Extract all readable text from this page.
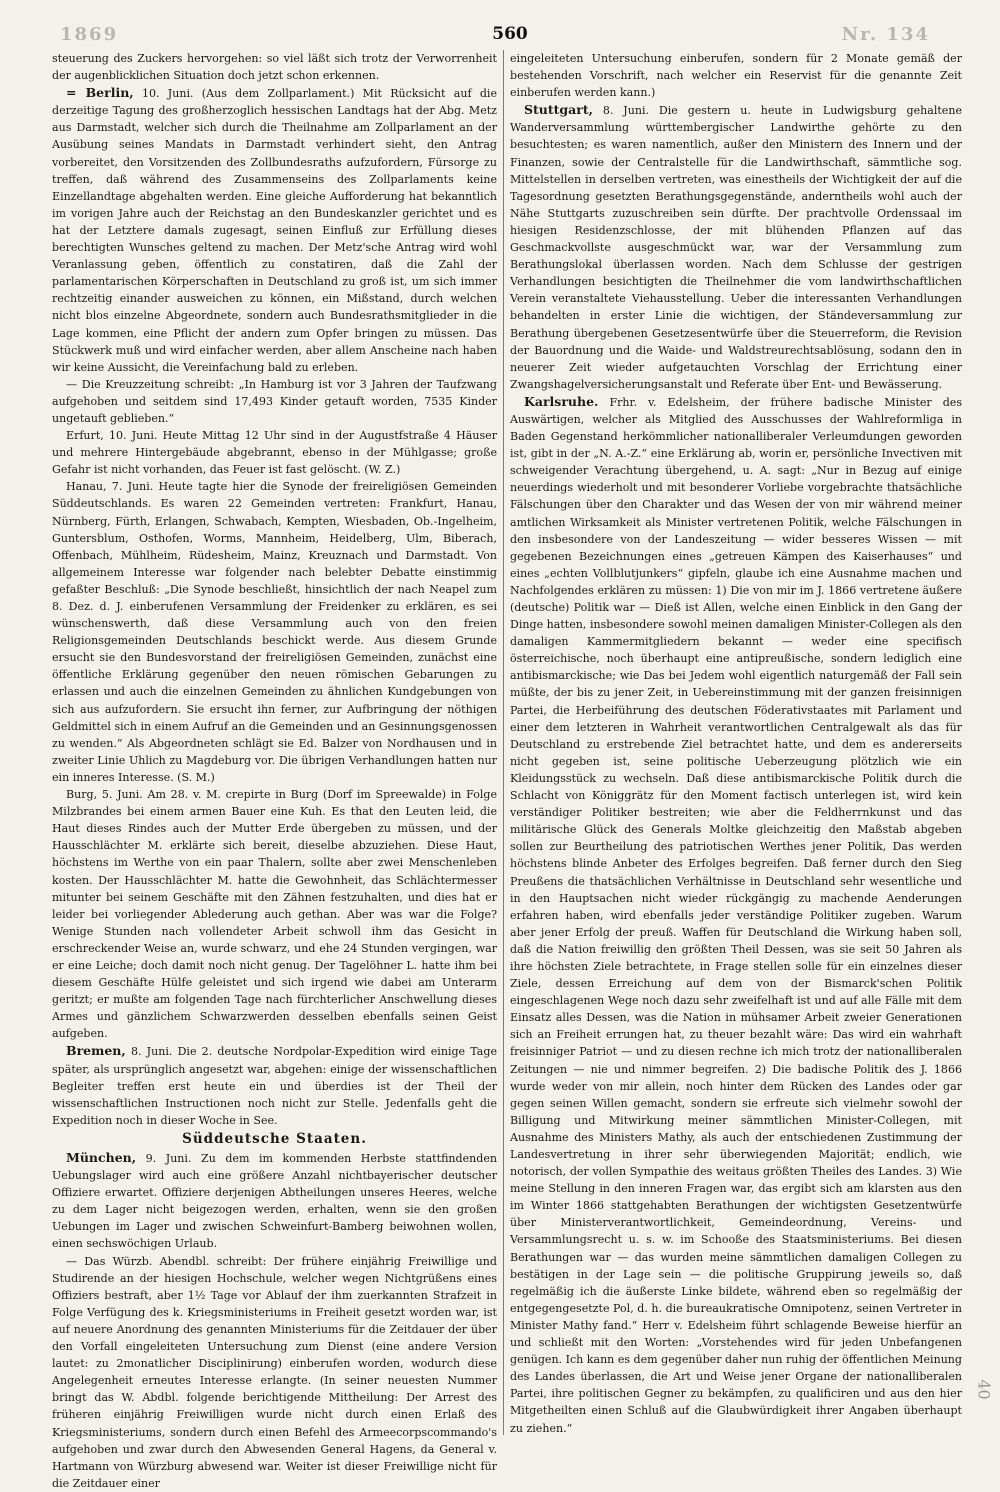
1869	560	Nr. 134

steuerung des Zuckers hervorgehen: so viel läßt sich trotz der Verworrenheit der augenblicklichen Situation doch jetzt schon erkennen.

= Berlin, 10. Juni. (Aus dem Zollparlament.) Mit Rücksicht auf die derzeitige Tagung des großherzoglich hessischen Landtags hat der Abg. Metz aus Darmstadt, welcher sich durch die Theilnahme am Zollparlament an der Ausübung seines Mandats in Darmstadt verhindert sieht, den Antrag vorbereitet, den Vorsitzenden des Zollbundesraths aufzufordern, Fürsorge zu treffen, daß während des Zusammenseins des Zollparlaments keine Einzellandtage abgehalten werden. Eine gleiche Aufforderung hat bekanntlich im vorigen Jahre auch der Reichstag an den Bundeskanzler gerichtet und es hat der Letztere damals zugesagt, seinen Einfluß zur Erfüllung dieses berechtigten Wunsches geltend zu machen. Der Metz'sche Antrag wird wohl Veranlassung geben, öffentlich zu constatiren, daß die Zahl der parlamentarischen Körperschaften in Deutschland zu groß ist, um sich immer rechtzeitig einander ausweichen zu können, ein Mißstand, durch welchen nicht blos einzelne Abgeordnete, sondern auch Bundesrathsmitglieder in die Lage kommen, eine Pflicht der andern zum Opfer bringen zu müssen. Das Stückwerk muß und wird einfacher werden, aber allem Anscheine nach haben wir keine Aussicht, die Vereinfachung bald zu erleben.

— Die Kreuzzeitung schreibt: „In Hamburg ist vor 3 Jahren der Taufzwang aufgehoben und seitdem sind 17,493 Kinder getauft worden, 7535 Kinder ungetauft geblieben.“

Erfurt, 10. Juni. Heute Mittag 12 Uhr sind in der Augustfstraße 4 Häuser und mehrere Hintergebäude abgebrannt, ebenso in der Mühlgasse; große Gefahr ist nicht vorhanden, das Feuer ist fast gelöscht. (W. Z.)

Hanau, 7. Juni. Heute tagte hier die Synode der freireligiösen Gemeinden Süddeutschlands. Es waren 22 Gemeinden vertreten: Frankfurt, Hanau, Nürnberg, Fürth, Erlangen, Schwabach, Kempten, Wiesbaden, Ob.-Ingelheim, Guntersblum, Osthofen, Worms, Mannheim, Heidelberg, Ulm, Biberach, Offenbach, Mühlheim, Rüdesheim, Mainz, Kreuznach und Darmstadt. Von allgemeinem Interesse war folgender nach belebter Debatte einstimmig gefaßter Beschluß: „Die Synode beschließt, hinsichtlich der nach Neapel zum 8. Dez. d. J. einberufenen Versammlung der Freidenker zu erklären, es sei wünschenswerth, daß diese Versammlung auch von den freien Religionsgemeinden Deutschlands beschickt werde. Aus diesem Grunde ersucht sie den Bundesvorstand der freireligiösen Gemeinden, zunächst eine öffentliche Erklärung gegenüber den neuen römischen Gebarungen zu erlassen und auch die einzelnen Gemeinden zu ähnlichen Kundgebungen von sich aus aufzufordern. Sie ersucht ihn ferner, zur Aufbringung der nöthigen Geldmittel sich in einem Aufruf an die Gemeinden und an Gesinnungsgenossen zu wenden.“ Als Abgeordneten schlägt sie Ed. Balzer von Nordhausen und in zweiter Linie Uhlich zu Magdeburg vor. Die übrigen Verhandlungen hatten nur ein inneres Interesse. (S. M.)

Burg, 5. Juni. Am 28. v. M. crepirte in Burg (Dorf im Spreewalde) in Folge Milzbrandes bei einem armen Bauer eine Kuh. Es that den Leuten leid, die Haut dieses Rindes auch der Mutter Erde übergeben zu müssen, und der Hausschlächter M. erklärte sich bereit, dieselbe abzuziehen. Diese Haut, höchstens im Werthe von ein paar Thalern, sollte aber zwei Menschenleben kosten. Der Hausschlächter M. hatte die Gewohnheit, das Schlächtermesser mitunter bei seinem Geschäfte mit den Zähnen festzuhalten, und dies hat er leider bei vorliegender Ablederung auch gethan. Aber was war die Folge? Wenige Stunden nach vollendeter Arbeit schwoll ihm das Gesicht in erschreckender Weise an, wurde schwarz, und ehe 24 Stunden vergingen, war er eine Leiche; doch damit noch nicht genug. Der Tagelöhner L. hatte ihm bei diesem Geschäfte Hülfe geleistet und sich irgend wie dabei am Unterarm geritzt; er mußte am folgenden Tage nach fürchterlicher Anschwellung dieses Armes und gänzlichem Schwarzwerden desselben ebenfalls seinen Geist aufgeben.

Bremen, 8. Juni. Die 2. deutsche Nordpolar-Expedition wird einige Tage später, als ursprünglich angesetzt war, abgehen: einige der wissenschaftlichen Begleiter treffen erst heute ein und überdies ist der Theil der wissenschaftlichen Instructionen noch nicht zur Stelle. Jedenfalls geht die Expedition noch in dieser Woche in See.

Süddeutsche Staaten.

München, 9. Juni. Zu dem im kommenden Herbste stattfindenden Uebungslager wird auch eine größere Anzahl nichtbayerischer deutscher Offiziere erwartet. Offiziere derjenigen Abtheilungen unseres Heeres, welche zu dem Lager nicht beigezogen werden, erhalten, wenn sie den großen Uebungen im Lager und zwischen Schweinfurt-Bamberg beiwohnen wollen, einen sechswöchigen Urlaub.

— Das Würzb. Abendbl. schreibt: Der frühere einjährig Freiwillige und Studirende an der hiesigen Hochschule, welcher wegen Nichtgrüßens eines Offiziers bestraft, aber 1½ Tage vor Ablauf der ihm zuerkannten Strafzeit in Folge Verfügung des k. Kriegsministeriums in Freiheit gesetzt worden war, ist auf neuere Anordnung des genannten Ministeriums für die Zeitdauer der über den Vorfall eingeleiteten Untersuchung zum Dienst (eine andere Version lautet: zu 2monatlicher Disciplinirung) einberufen worden, wodurch diese Angelegenheit erneutes Interesse erlangte. (In seiner neuesten Nummer bringt das W. Abdbl. folgende berichtigende Mittheilung: Der Arrest des früheren einjährig Freiwilligen wurde nicht durch einen Erlaß des Kriegsministeriums, sondern durch einen Befehl des Armeecorpscommando's aufgehoben und zwar durch den Abwesenden General Hagens, da General v. Hartmann von Würzburg abwesend war. Weiter ist dieser Freiwillige nicht für die Zeitdauer einer

eingeleiteten Untersuchung einberufen, sondern für 2 Monate gemäß der bestehenden Vorschrift, nach welcher ein Reservist für die genannte Zeit einberufen werden kann.)

Stuttgart, 8. Juni. Die gestern u. heute in Ludwigsburg gehaltene Wanderversammlung württembergischer Landwirthe gehörte zu den besuchtesten; es waren namentlich, außer den Ministern des Innern und der Finanzen, sowie der Centralstelle für die Landwirthschaft, sämmtliche sog. Mittelstellen in derselben vertreten, was einestheils der Wichtigkeit der auf die Tagesordnung gesetzten Berathungsgegenstände, anderntheils wohl auch der Nähe Stuttgarts zuzuschreiben sein dürfte. Der prachtvolle Ordenssaal im hiesigen Residenzschlosse, der mit blühenden Pflanzen auf das Geschmackvollste ausgeschmückt war, war der Versammlung zum Berathungslokal überlassen worden. Nach dem Schlusse der gestrigen Verhandlungen besichtigten die Theilnehmer die vom landwirthschaftlichen Verein veranstaltete Viehausstellung. Ueber die interessanten Verhandlungen behandelten in erster Linie die wichtigen, der Ständeversammlung zur Berathung übergebenen Gesetzesentwürfe über die Steuerreform, die Revision der Bauordnung und die Waide- und Waldstreurechtsablösung, sodann den in neuerer Zeit wieder aufgetauchten Vorschlag der Errichtung einer Zwangshagelversicherungsanstalt und Referate über Ent- und Bewässerung.

Karlsruhe. Frhr. v. Edelsheim, der frühere badische Minister des Auswärtigen, welcher als Mitglied des Ausschusses der Wahlreformliga in Baden Gegenstand herkömmlicher nationalliberaler Verleumdungen geworden ist, gibt in der „N. A.-Z.“ eine Erklärung ab, worin er, persönliche Invectiven mit schweigender Verachtung übergehend, u. A. sagt: „Nur in Bezug auf einige neuerdings wiederholt und mit besonderer Vorliebe vorgebrachte thatsächliche Fälschungen über den Charakter und das Wesen der von mir während meiner amtlichen Wirksamkeit als Minister vertretenen Politik, welche Fälschungen in den insbesondere von der Landeszeitung — wider besseres Wissen — mit gegebenen Bezeichnungen eines „getreuen Kämpen des Kaiserhauses“ und eines „echten Vollblutjunkers“ gipfeln, glaube ich eine Ausnahme machen und Nachfolgendes erklären zu müssen: 1) Die von mir im J. 1866 vertretene äußere (deutsche) Politik war — Dieß ist Allen, welche einen Einblick in den Gang der Dinge hatten, insbesondere sowohl meinen damaligen Minister-Collegen als den damaligen Kammermitgliedern bekannt — weder eine specifisch österreichische, noch überhaupt eine antipreußische, sondern lediglich eine antibismarckische; wie Das bei Jedem wohl eigentlich naturgemäß der Fall sein müßte, der bis zu jener Zeit, in Uebereinstimmung mit der ganzen freisinnigen Partei, die Herbeiführung des deutschen Föderativstaates mit Parlament und einer dem letzteren in Wahrheit verantwortlichen Centralgewalt als das für Deutschland zu erstrebende Ziel betrachtet hatte, und dem es andererseits nicht gegeben ist, seine politische Ueberzeugung plötzlich wie ein Kleidungsstück zu wechseln. Daß diese antibismarckische Politik durch die Schlacht von Königgrätz für den Moment factisch unterlegen ist, wird kein verständiger Politiker bestreiten; wie aber die Feldherrnkunst und das militärische Glück des Generals Moltke gleichzeitig den Maßstab abgeben sollen zur Beurtheilung des patriotischen Werthes jener Politik, Das werden höchstens blinde Anbeter des Erfolges begreifen. Daß ferner durch den Sieg Preußens die thatsächlichen Verhältnisse in Deutschland sehr wesentliche und in den Hauptsachen nicht wieder rückgängig zu machende Aenderungen erfahren haben, wird ebenfalls jeder verständige Politiker zugeben. Warum aber jener Erfolg der preuß. Waffen für Deutschland die Wirkung haben soll, daß die Nation freiwillig den größten Theil Dessen, was sie seit 50 Jahren als ihre höchsten Ziele betrachtete, in Frage stellen solle für ein einzelnes dieser Ziele, dessen Erreichung auf dem von der Bismarck'schen Politik eingeschlagenen Wege noch dazu sehr zweifelhaft ist und auf alle Fälle mit dem Einsatz alles Dessen, was die Nation in mühsamer Arbeit zweier Generationen sich an Freiheit errungen hat, zu theuer bezahlt wäre: Das wird ein wahrhaft freisinniger Patriot — und zu diesen rechne ich mich trotz der nationalliberalen Zeitungen — nie und nimmer begreifen. 2) Die badische Politik des J. 1866 wurde weder von mir allein, noch hinter dem Rücken des Landes oder gar gegen seinen Willen gemacht, sondern sie erfreute sich vielmehr sowohl der Billigung und Mitwirkung meiner sämmtlichen Minister-Collegen, mit Ausnahme des Ministers Mathy, als auch der entschiedenen Zustimmung der Landesvertretung in ihrer sehr überwiegenden Majorität; endlich, wie notorisch, der vollen Sympathie des weitaus größten Theiles des Landes. 3) Wie meine Stellung in den inneren Fragen war, das ergibt sich am klarsten aus den im Winter 1866 stattgehabten Berathungen der wichtigsten Gesetzentwürfe über Ministerverantwortlichkeit, Gemeindeordnung, Vereins- und Versammlungsrecht u. s. w. im Schooße des Staatsministeriums. Bei diesen Berathungen war — das wurden meine sämmtlichen damaligen Collegen zu bestätigen in der Lage sein — die politische Gruppirung jeweils so, daß regelmäßig ich die äußerste Linke bildete, während eben so regelmäßig der entgegengesetzte Pol, d. h. die bureaukratische Omnipotenz, seinen Vertreter in Minister Mathy fand.“ Herr v. Edelsheim führt schlagende Beweise hierfür an und schließt mit den Worten: „Vorstehendes wird für jeden Unbefangenen genügen. Ich kann es dem gegenüber daher nun ruhig der öffentlichen Meinung des Landes überlassen, die Art und Weise jener Organe der nationalliberalen Partei, ihre politischen Gegner zu bekämpfen, zu qualificiren und aus den hier Mitgetheilten einen Schluß auf die Glaubwürdigkeit ihrer Angaben überhaupt zu ziehen.“

40
